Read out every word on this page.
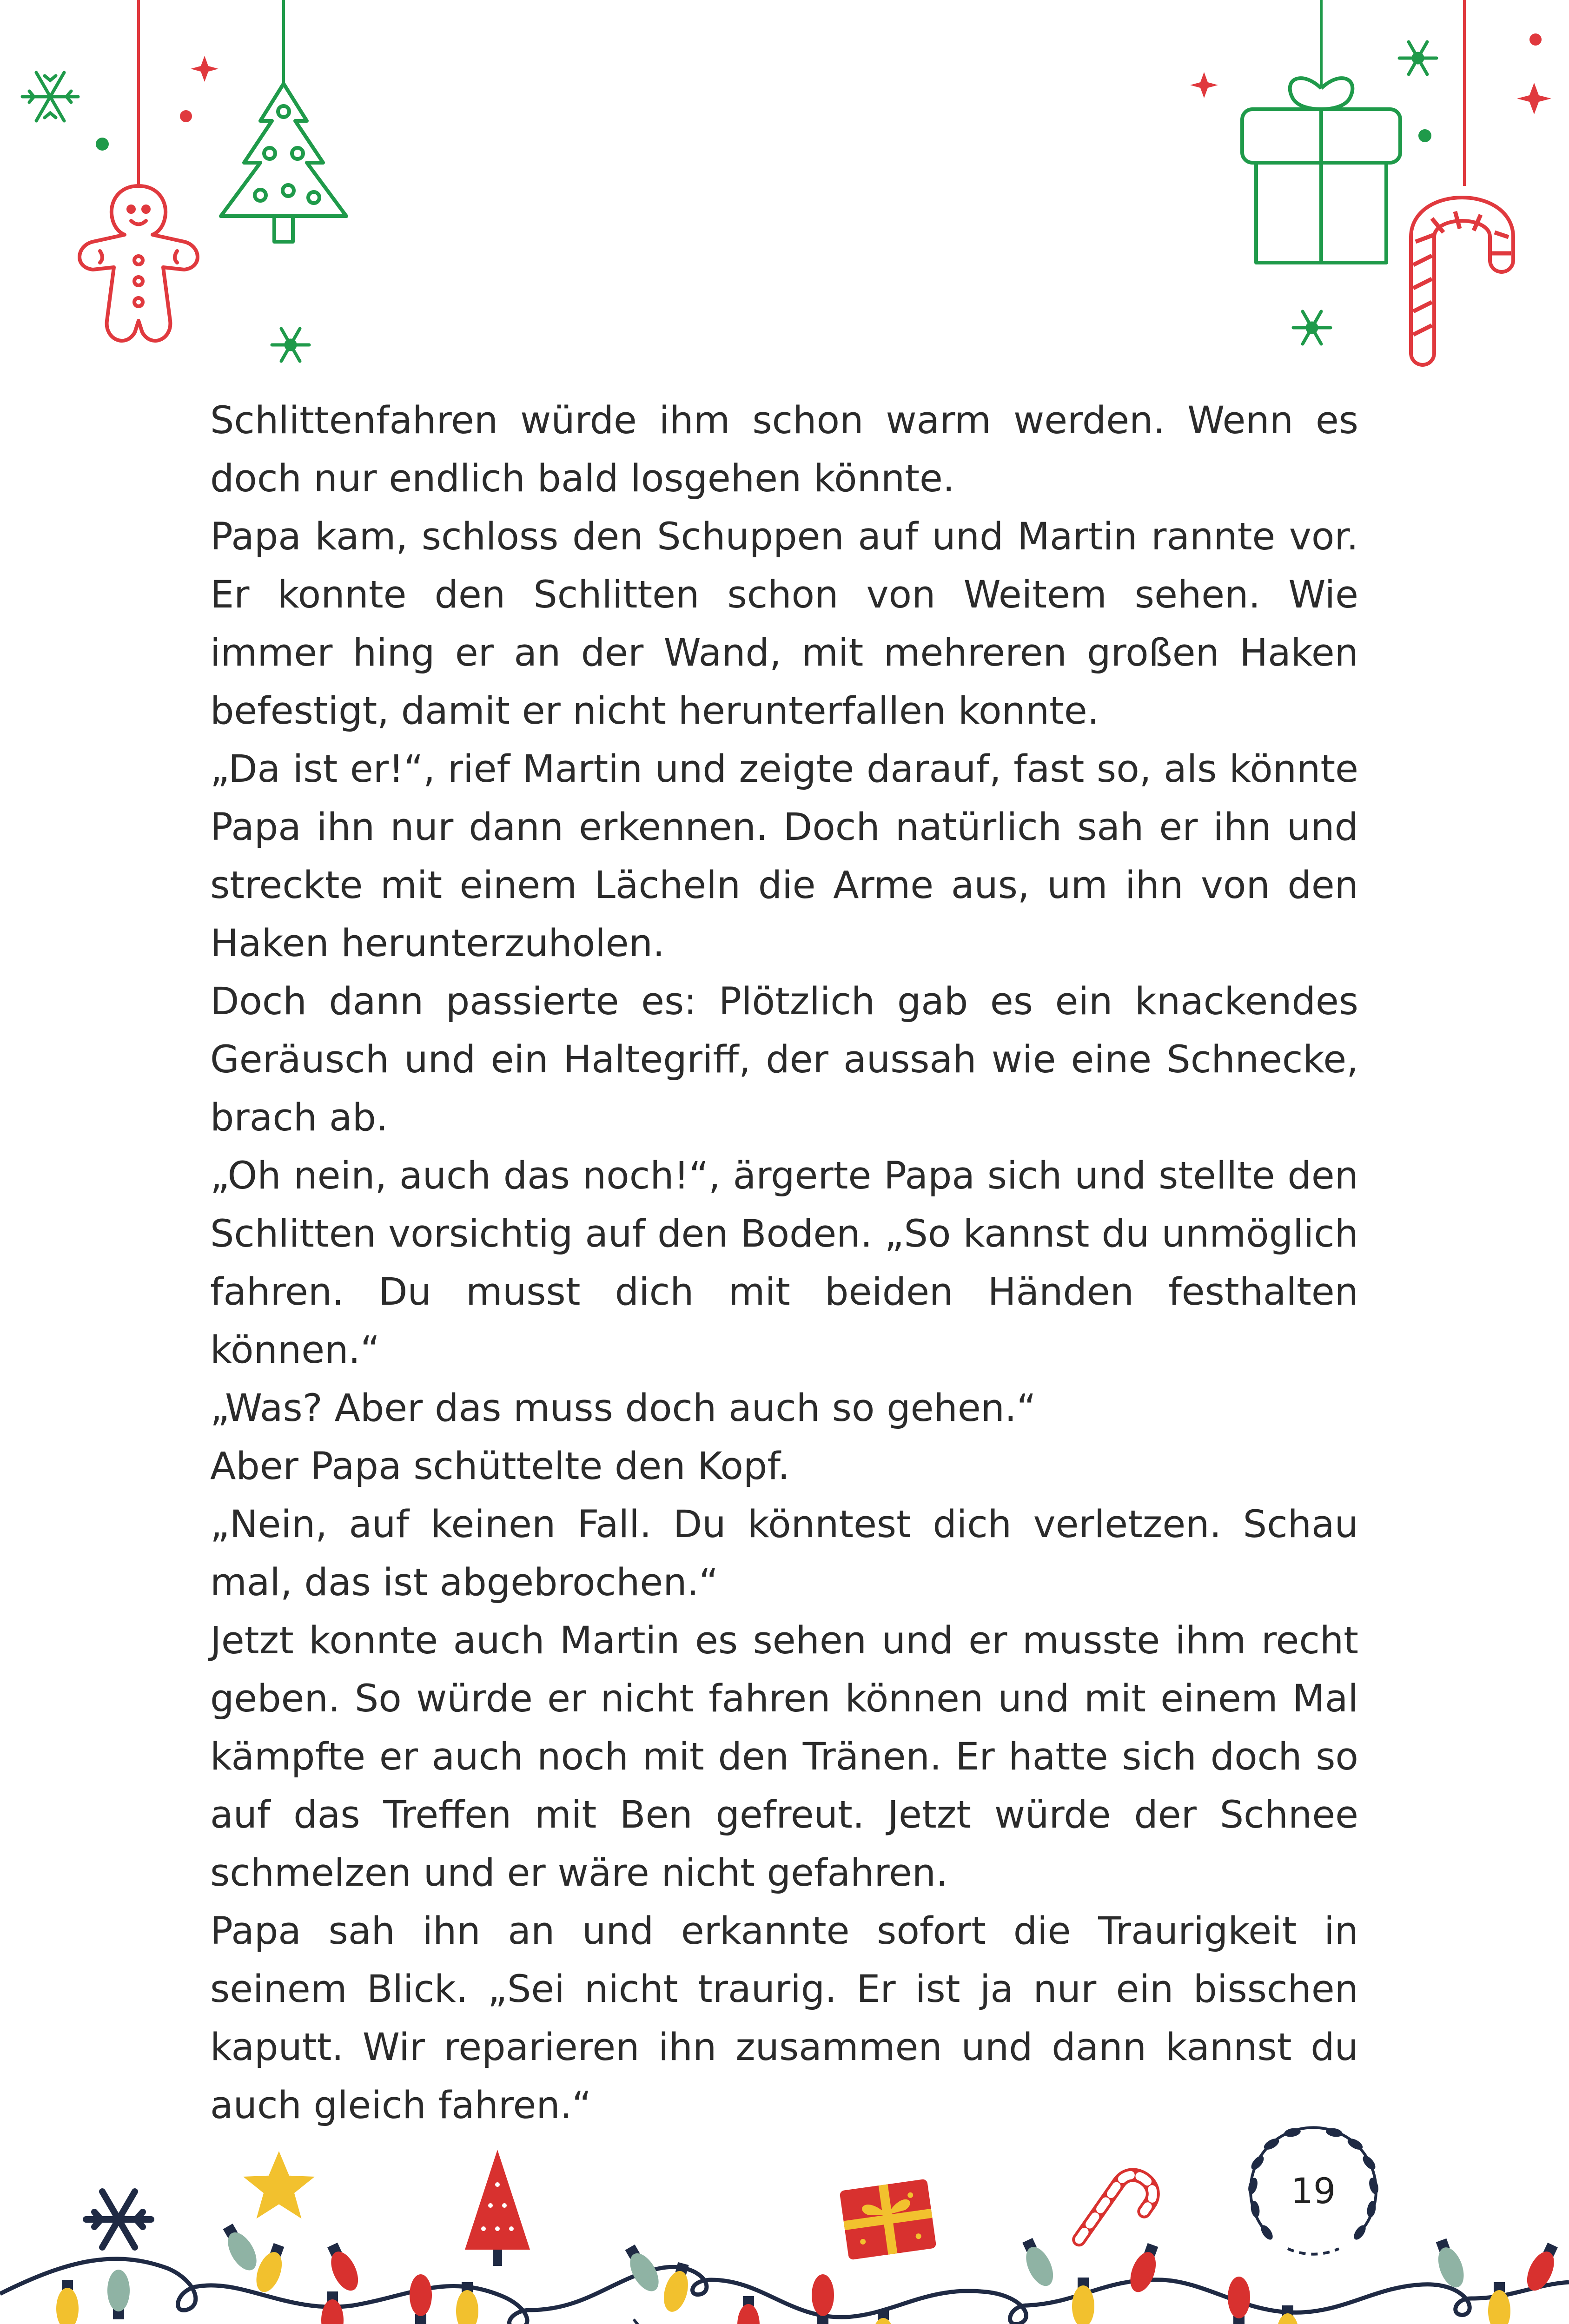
Schlittenfahren würde ihm schon warm werden. Wenn es doch nur endlich bald losgehen könnte.

Papa kam, schloss den Schuppen auf und Martin rannte vor. Er konnte den Schlitten schon von Weitem sehen. Wie immer hing er an der Wand, mit mehreren großen Haken befestigt, damit er nicht herunterfallen konnte.

„Da ist er!“, rief Martin und zeigte darauf, fast so, als könnte Papa ihn nur dann erkennen. Doch natürlich sah er ihn und streckte mit einem Lächeln die Arme aus, um ihn von den Haken herunterzuholen.

Doch dann passierte es: Plötzlich gab es ein knackendes Geräusch und ein Haltegriff, der aussah wie eine Schnecke, brach ab.

„Oh nein, auch das noch!“, ärgerte Papa sich und stellte den Schlitten vorsichtig auf den Boden. „So kannst du unmöglich fahren. Du musst dich mit beiden Händen festhalten können.“

„Was? Aber das muss doch auch so gehen.“

Aber Papa schüttelte den Kopf.

„Nein, auf keinen Fall. Du könntest dich verletzen. Schau mal, das ist abgebrochen.“

Jetzt konnte auch Martin es sehen und er musste ihm recht geben. So würde er nicht fahren können und mit einem Mal kämpfte er auch noch mit den Tränen. Er hatte sich doch so auf das Treffen mit Ben gefreut. Jetzt würde der Schnee schmelzen und er wäre nicht gefahren.

Papa sah ihn an und erkannte sofort die Traurigkeit in seinem Blick. „Sei nicht traurig. Er ist ja nur ein bisschen kaputt. Wir reparieren ihn zusammen und dann kannst du auch gleich fahren.“

19
